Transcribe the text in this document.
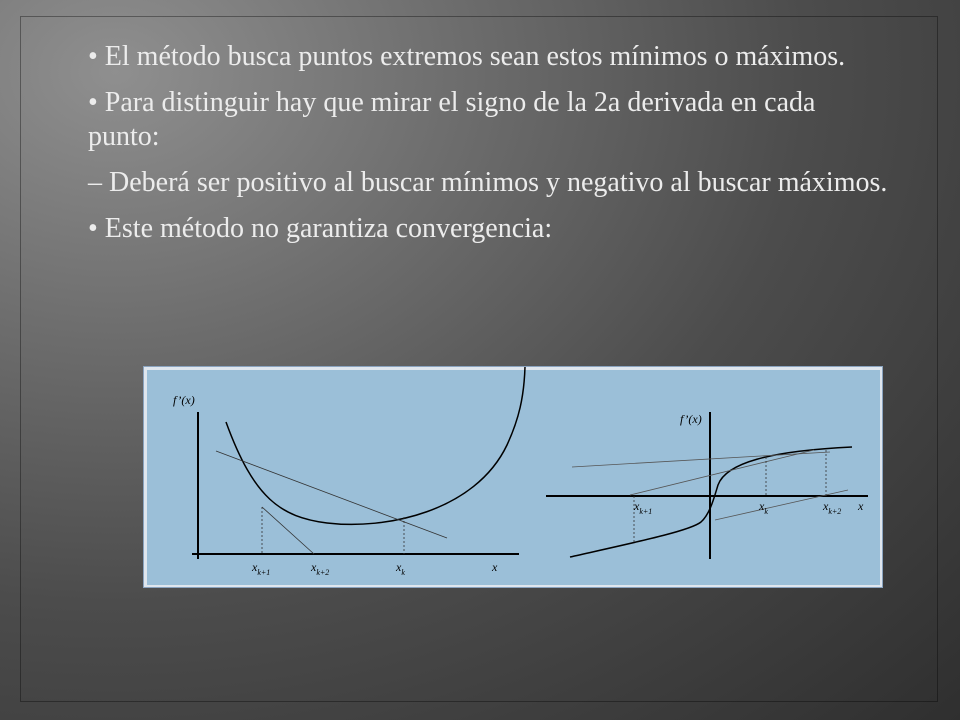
• El método busca puntos extremos sean estos mínimos o máximos.

• Para distinguir hay que mirar el signo de la 2a derivada en cada punto:

– Deberá ser positivo al buscar mínimos y negativo al buscar máximos.

• Este método no garantiza convergencia:

f’(x)
$x_{k+1}$	$x_{k+2}$	$x_k$	x
f’(x)
$x_{k+1}$	$x_k$	$x_{k+2}$ x
